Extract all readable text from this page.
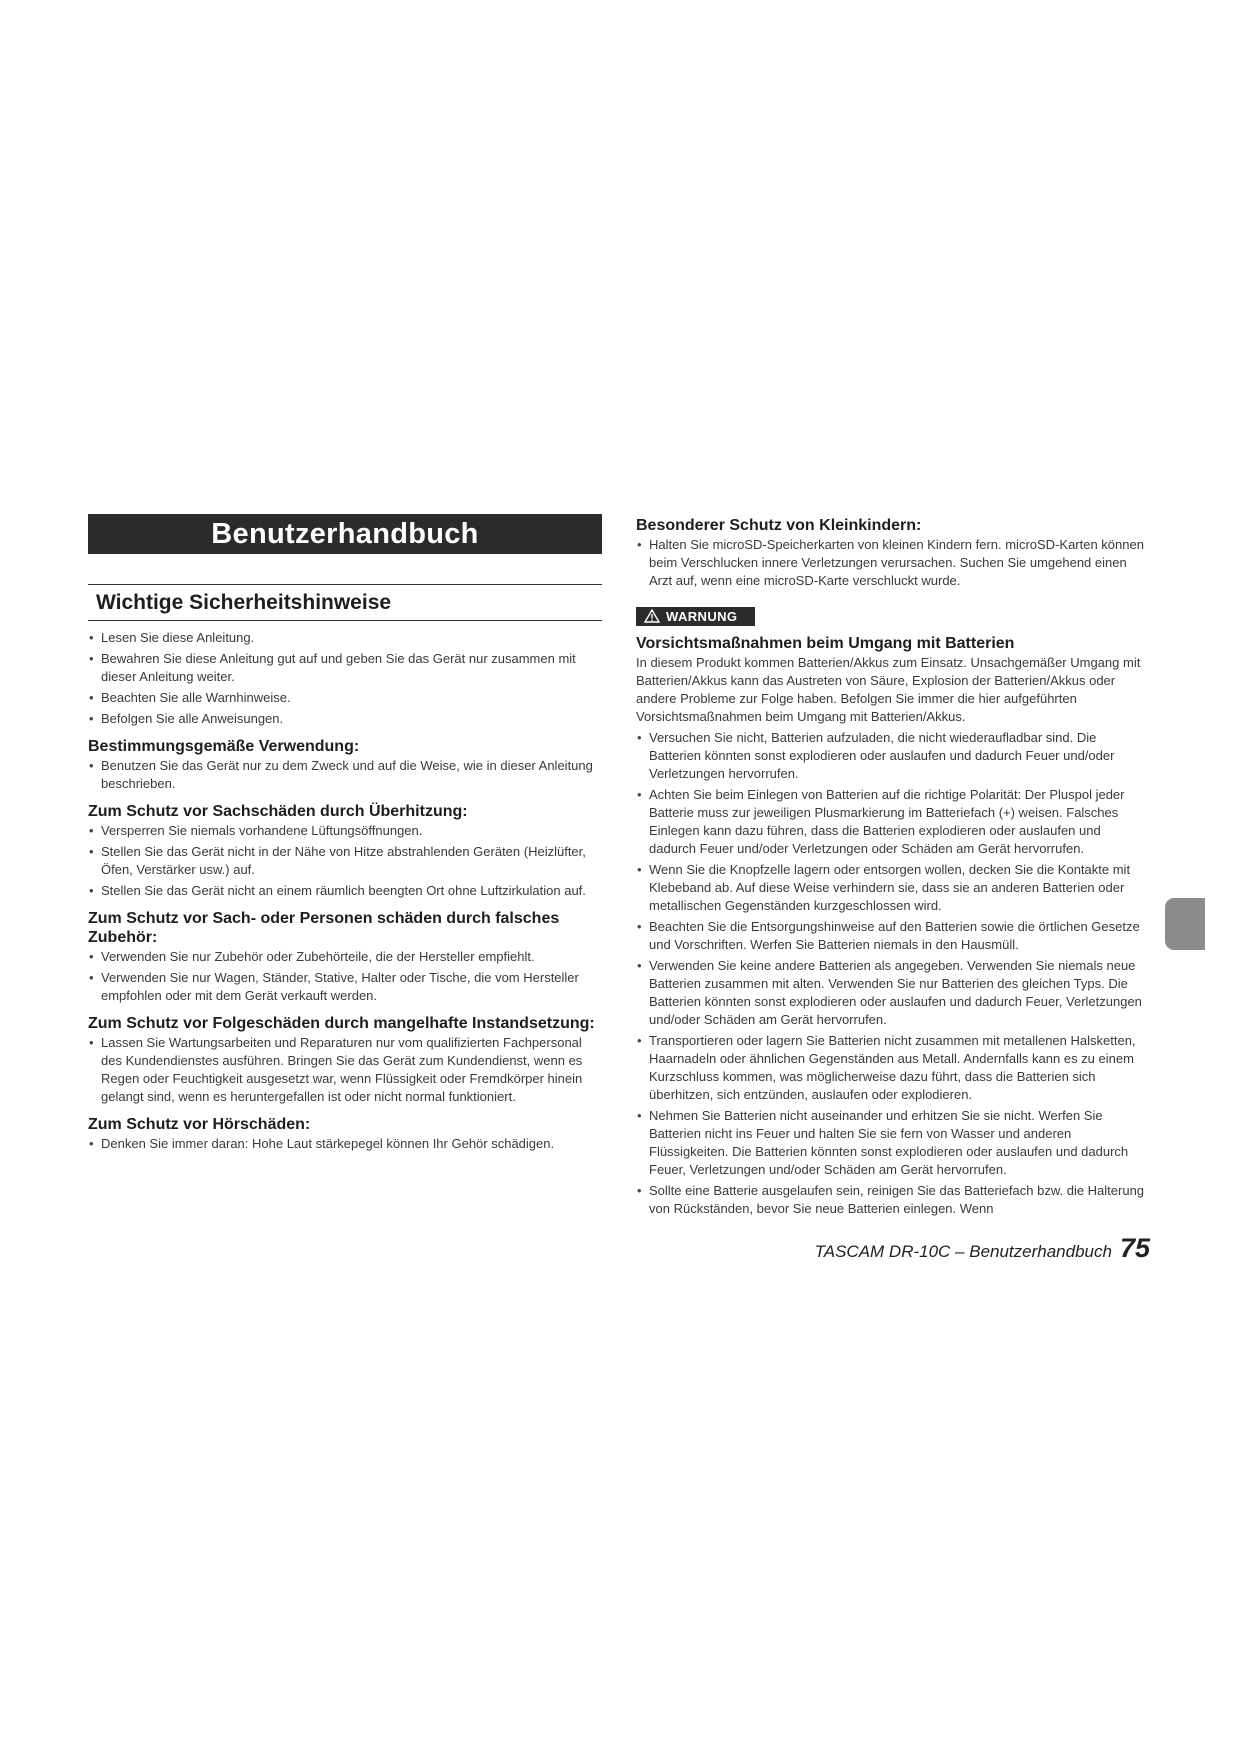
Benutzerhandbuch
Wichtige Sicherheitshinweise
• Lesen Sie diese Anleitung.
• Bewahren Sie diese Anleitung gut auf und geben Sie das Gerät nur zusammen mit dieser Anleitung weiter.
• Beachten Sie alle Warnhinweise.
• Befolgen Sie alle Anweisungen.
Bestimmungsgemäße Verwendung:
• Benutzen Sie das Gerät nur zu dem Zweck und auf die Weise, wie in dieser Anleitung beschrieben.
Zum Schutz vor Sachschäden durch Überhitzung:
• Versperren Sie niemals vorhandene Lüftungsöffnungen.
• Stellen Sie das Gerät nicht in der Nähe von Hitze abstrahlenden Geräten (Heizlüfter, Öfen, Verstärker usw.) auf.
• Stellen Sie das Gerät nicht an einem räumlich beengten Ort ohne Luftzirkulation auf.
Zum Schutz vor Sach- oder Personen schäden durch falsches Zubehör:
• Verwenden Sie nur Zubehör oder Zubehörteile, die der Hersteller empfiehlt.
• Verwenden Sie nur Wagen, Ständer, Stative, Halter oder Tische, die vom Hersteller empfohlen oder mit dem Gerät verkauft werden.
Zum Schutz vor Folgeschäden durch mangelhafte Instandsetzung:
• Lassen Sie Wartungsarbeiten und Reparaturen nur vom qualifizierten Fachpersonal des Kundendienstes ausführen. Bringen Sie das Gerät zum Kundendienst, wenn es Regen oder Feuchtigkeit ausgesetzt war, wenn Flüssigkeit oder Fremdkörper hinein gelangt sind, wenn es heruntergefallen ist oder nicht normal funktioniert.
Zum Schutz vor Hörschäden:
• Denken Sie immer daran: Hohe Laut stärkepegel können Ihr Gehör schädigen.
Besonderer Schutz von Kleinkindern:
• Halten Sie microSD-Speicherkarten von kleinen Kindern fern. microSD-Karten können beim Verschlucken innere Verletzungen verursachen. Suchen Sie umgehend einen Arzt auf, wenn eine microSD-Karte verschluckt wurde.
WARNUNG
Vorsichtsmaßnahmen beim Umgang mit Batterien
In diesem Produkt kommen Batterien/Akkus zum Einsatz. Unsachgemäßer Umgang mit Batterien/Akkus kann das Austreten von Säure, Explosion der Batterien/Akkus oder andere Probleme zur Folge haben. Befolgen Sie immer die hier aufgeführten Vorsichtsmaßnahmen beim Umgang mit Batterien/Akkus.
• Versuchen Sie nicht, Batterien aufzuladen, die nicht wiederaufladbar sind. Die Batterien könnten sonst explodieren oder auslaufen und dadurch Feuer und/oder Verletzungen hervorrufen.
• Achten Sie beim Einlegen von Batterien auf die richtige Polarität: Der Pluspol jeder Batterie muss zur jeweiligen Plusmarkierung im Batteriefach (+) weisen. Falsches Einlegen kann dazu führen, dass die Batterien explodieren oder auslaufen und dadurch Feuer und/oder Verletzungen oder Schäden am Gerät hervorrufen.
• Wenn Sie die Knopfzelle lagern oder entsorgen wollen, decken Sie die Kontakte mit Klebeband ab. Auf diese Weise verhindern sie, dass sie an anderen Batterien oder metallischen Gegenständen kurzgeschlossen wird.
• Beachten Sie die Entsorgungshinweise auf den Batterien sowie die örtlichen Gesetze und Vorschriften. Werfen Sie Batterien niemals in den Hausmüll.
• Verwenden Sie keine andere Batterien als angegeben. Verwenden Sie niemals neue Batterien zusammen mit alten. Verwenden Sie nur Batterien des gleichen Typs. Die Batterien könnten sonst explodieren oder auslaufen und dadurch Feuer, Verletzungen und/oder Schäden am Gerät hervorrufen.
• Transportieren oder lagern Sie Batterien nicht zusammen mit metallenen Halsketten, Haarnadeln oder ähnlichen Gegenständen aus Metall. Andernfalls kann es zu einem Kurzschluss kommen, was möglicherweise dazu führt, dass die Batterien sich überhitzen, sich entzünden, auslaufen oder explodieren.
• Nehmen Sie Batterien nicht auseinander und erhitzen Sie sie nicht. Werfen Sie Batterien nicht ins Feuer und halten Sie sie fern von Wasser und anderen Flüssigkeiten. Die Batterien könnten sonst explodieren oder auslaufen und dadurch Feuer, Verletzungen und/oder Schäden am Gerät hervorrufen.
• Sollte eine Batterie ausgelaufen sein, reinigen Sie das Batteriefach bzw. die Halterung von Rückständen, bevor Sie neue Batterien einlegen. Wenn
TASCAM DR-10C – Benutzerhandbuch 75
